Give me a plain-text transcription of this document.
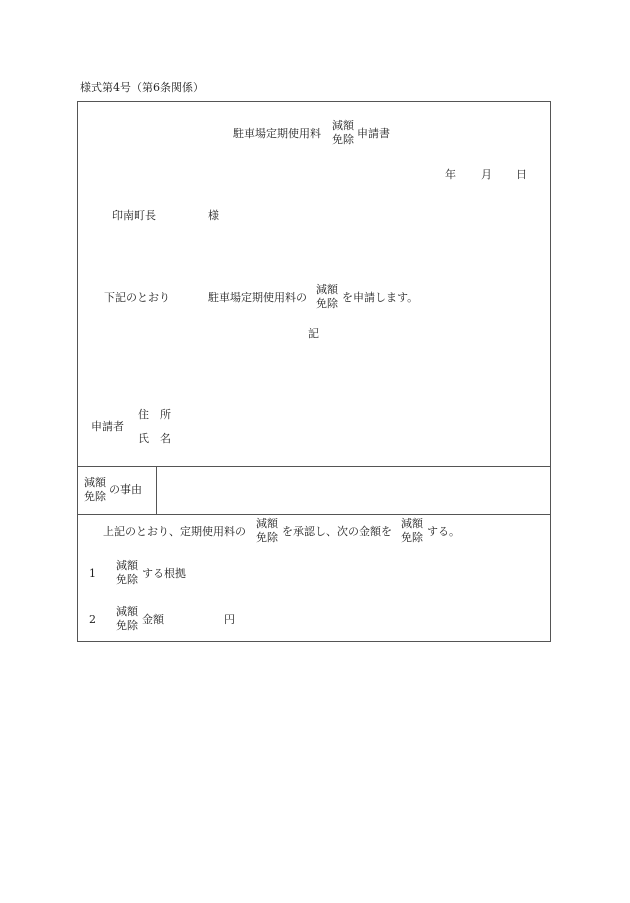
様式第4号（第6条関係）
駐車場定期使用料
減額
免除 申請書
年 月 日
印南町長	様
下記のとおり	駐車場定期使用料の
減額
免除 を申請します。
記
申請者
住　所
氏　名
減額
免除
の事由
上記のとおり、定期使用料の
減額
免除 を承認し、次の金額を
減額
免除 する。
1
減額
免除 する根拠
2
減額
免除 金額	円
